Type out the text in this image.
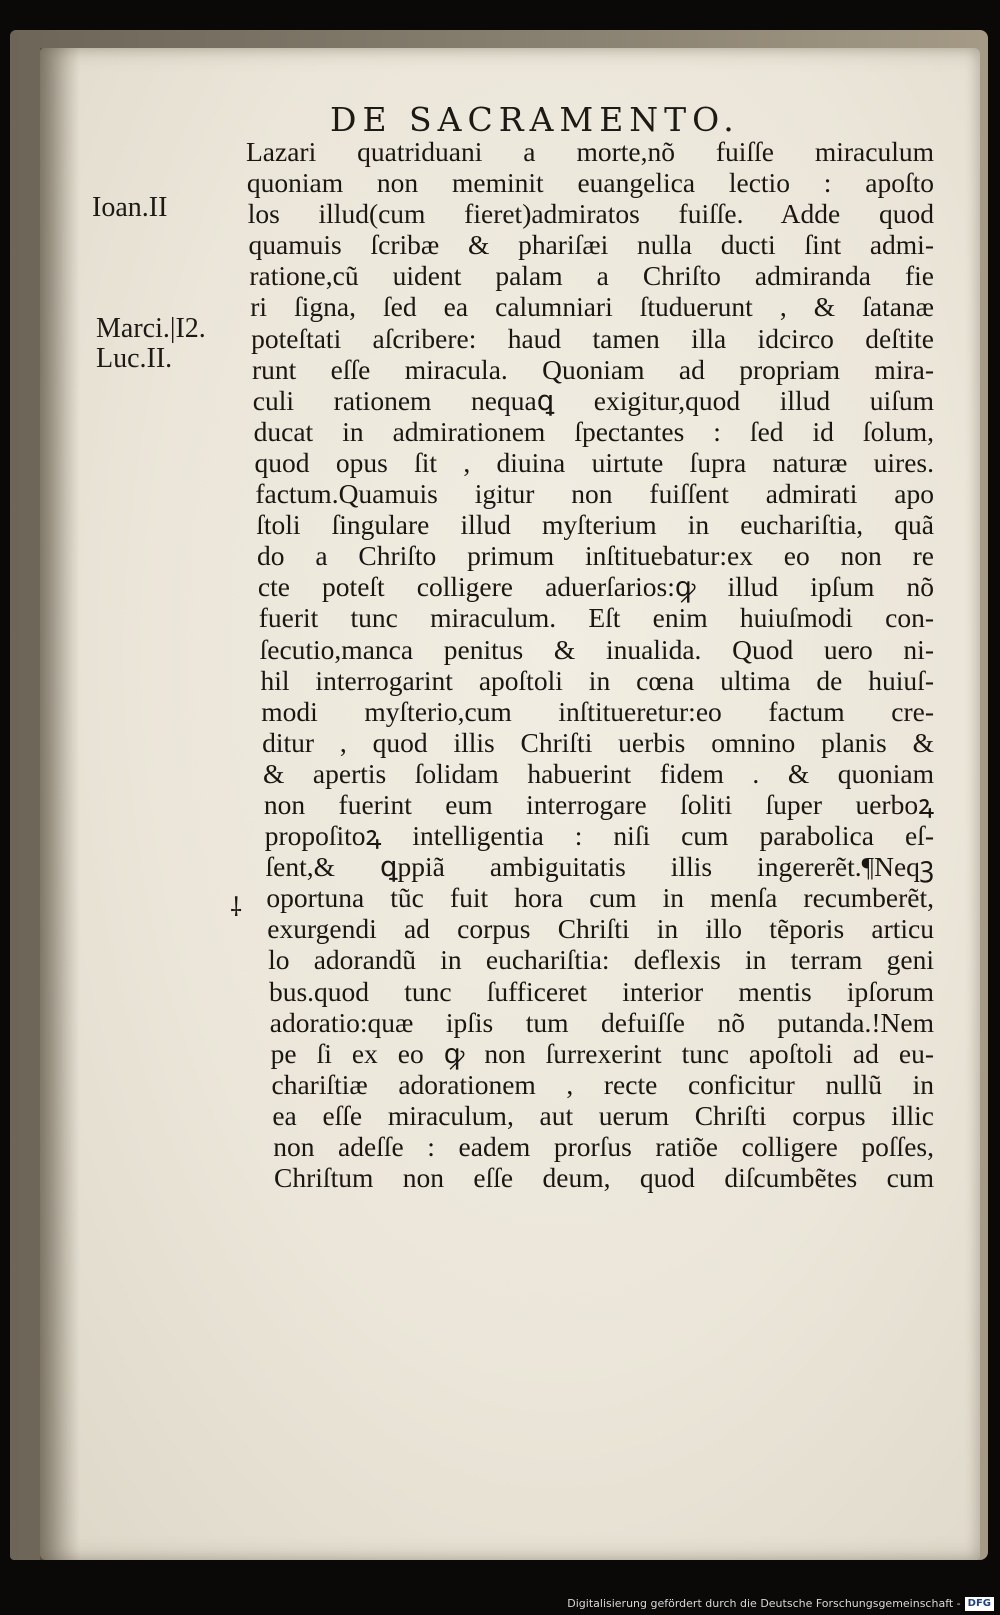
DE SACRAMENTO.
Ioan.II
Marci.|I2.
Luc.II.
⸸
Lazari quatriduani a morte,nõ fuiſſe miraculum
quoniam non meminit euangelica lectio : apoſto
los illud(cum fieret)admiratos fuiſſe. Adde quod
quamuis ſcribæ & phariſæi nulla ducti ſint admi-
ratione,cũ uident palam a Chriſto admiranda fie
ri ſigna, ſed ea calumniari ſtuduerunt , & ſatanæ
poteſtati aſcribere: haud tamen illa idcirco deſtite
runt eſſe miracula. Quoniam ad propriam mira-
culi rationem nequaꝗ exigitur,quod illud uiſum
ducat in admirationem ſpectantes : ſed id ſolum,
quod opus ſit , diuina uirtute ſupra naturæ uires.
factum.Quamuis igitur non fuiſſent admirati apo
ſtoli ſingulare illud myſterium in euchariſtia, quã
do a Chriſto primum inſtituebatur:ex eo non re
cte poteſt colligere aduerſarios:ꝙ illud ipſum nõ
fuerit tunc miraculum. Eſt enim huiuſmodi con-
ſecutio,manca penitus & inualida. Quod uero ni-
hil interrogarint apoſtoli in cœna ultima de huiuſ-
modi myſterio,cum inſtitueretur:eo factum cre-
ditur , quod illis Chriſti uerbis omnino planis &
& apertis ſolidam habuerint fidem . & quoniam
non fuerint eum interrogare ſoliti ſuper uerboꝝ
propoſitoꝝ intelligentia : niſi cum parabolica eſ-
ſent,& ꝗppiã ambiguitatis illis ingererẽt.¶Neqꝫ
oportuna tũc fuit hora cum in menſa recumberẽt,
exurgendi ad corpus Chriſti in illo tẽporis articu
lo adorandũ in euchariſtia: deflexis in terram geni
bus.quod tunc ſufficeret interior mentis ipſorum
adoratio:quæ ipſis tum defuiſſe nõ putanda.!Nem
pe ſi ex eo ꝙ non ſurrexerint tunc apoſtoli ad eu-
chariſtiæ adorationem , recte conficitur nullũ in
ea eſſe miraculum, aut uerum Chriſti corpus illic
non adeſſe : eadem prorſus ratiõe colligere poſſes,
Chriſtum non eſſe deum, quod diſcumbẽtes cum
Digitalisierung gefördert durch die Deutsche Forschungsgemeinschaft - DFG
